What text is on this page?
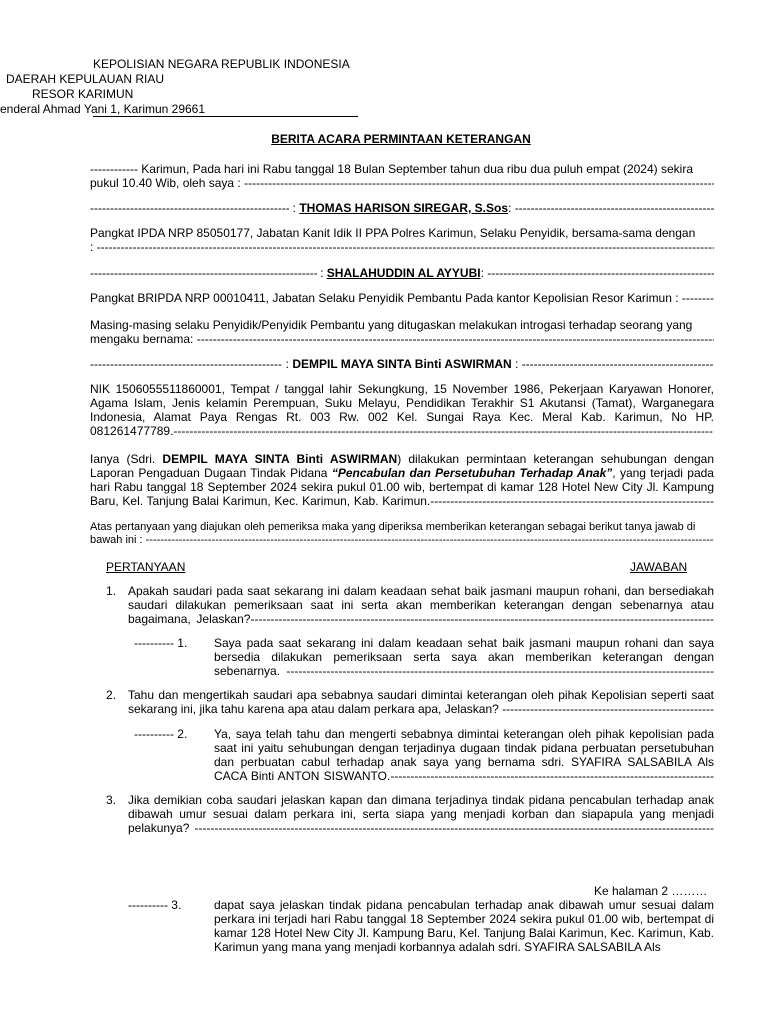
KEPOLISIAN NEGARA REPUBLIK INDONESIA
DAERAH KEPULAUAN RIAU
RESOR KARIMUN
enderal Ahmad Yani 1, Karimun 29661
BERITA ACARA PERMINTAAN KETERANGAN
------------ Karimun, Pada hari ini Rabu tanggal 18 Bulan September tahun dua ribu dua puluh empat (2024) sekira
pukul 10.40 Wib, oleh saya :

-----
-----
: THOMAS HARISON SIREGAR, S.Sos :
-----
Pangkat IPDA NRP 85050177, Jabatan Kanit Idik II PPA Polres Karimun, Selaku Penyidik, bersama-sama dengan
:

-----
-----
: SHALAHUDDIN AL AYYUBI :
-----
Pangkat BRIPDA NRP 00010411, Jabatan Selaku Penyidik Pembantu Pada kantor Kepolisian Resor Karimun :

-----
Masing-masing selaku Penyidik/Penyidik Pembantu yang ditugaskan melakukan introgasi terhadap seorang yang
mengaku bernama:

-----
-----
: DEMPIL MAYA SINTA Binti ASWIRMAN :
-----
NIK 1506055511860001, Tempat / tanggal lahir Sekungkung, 15 November 1986, Pekerjaan Karyawan Honorer, Agama Islam, Jenis kelamin Perempuan, Suku Melayu, Pendidikan Terakhir S1 Akutansi (Tamat), Warganegara Indonesia, Alamat Paya Rengas Rt. 003 Rw. 002 Kel. Sungai Raya Kec. Meral Kab. Karimun, No HP. 081261477789. -----
Ianya (Sdri. DEMPIL MAYA SINTA Binti ASWIRMAN) dilakukan permintaan keterangan sehubungan dengan Laporan Pengaduan Dugaan Tindak Pidana “Pencabulan dan Persetubuhan Terhadap Anak”, yang terjadi pada hari Rabu tanggal 18 September 2024 sekira pukul 01.00 wib, bertempat di kamar 128 Hotel New City Jl. Kampung Baru, Kel. Tanjung Balai Karimun, Kec. Karimun, Kab. Karimun. -----
Atas pertanyaan yang diajukan oleh pemeriksa maka yang diperiksa memberikan keterangan sebagai berikut tanya jawab di
bawah ini :

-----
PERTANYAAN	JAWABAN
1. Apakah saudari pada saat sekarang ini dalam keadaan sehat baik jasmani maupun rohani, dan bersediakah saudari dilakukan pemeriksaan saat ini serta akan memberikan keterangan dengan sebenarnya atau bagaimana, Jelaskan? -----
---------- 1. Saya pada saat sekarang ini dalam keadaan sehat baik jasmani maupun rohani dan saya bersedia dilakukan pemeriksaan serta saya akan memberikan keterangan dengan sebenarnya. -----
2. Tahu dan mengertikah saudari apa sebabnya saudari dimintai keterangan oleh pihak Kepolisian seperti saat sekarang ini, jika tahu karena apa atau dalam perkara apa, Jelaskan? -----
---------- 2. Ya, saya telah tahu dan mengerti sebabnya dimintai keterangan oleh pihak kepolisian pada saat ini yaitu sehubungan dengan terjadinya dugaan tindak pidana perbuatan persetubuhan dan perbuatan cabul terhadap anak saya yang bernama sdri. SYAFIRA SALSABILA Als CACA Binti ANTON SISWANTO. -----
3. Jika demikian coba saudari jelaskan kapan dan dimana terjadinya tindak pidana pencabulan terhadap anak dibawah umur sesuai dalam perkara ini, serta siapa yang menjadi korban dan siapapula yang menjadi pelakunya? -----
Ke halaman 2 ………
---------- 3.	dapat saya jelaskan tindak pidana pencabulan terhadap anak dibawah umur sesuai dalam perkara ini terjadi hari Rabu tanggal 18 September 2024 sekira pukul 01.00 wib, bertempat di kamar 128 Hotel New City Jl. Kampung Baru, Kel. Tanjung Balai Karimun, Kec. Karimun, Kab. Karimun yang mana yang menjadi korbannya adalah sdri. SYAFIRA SALSABILA Als
